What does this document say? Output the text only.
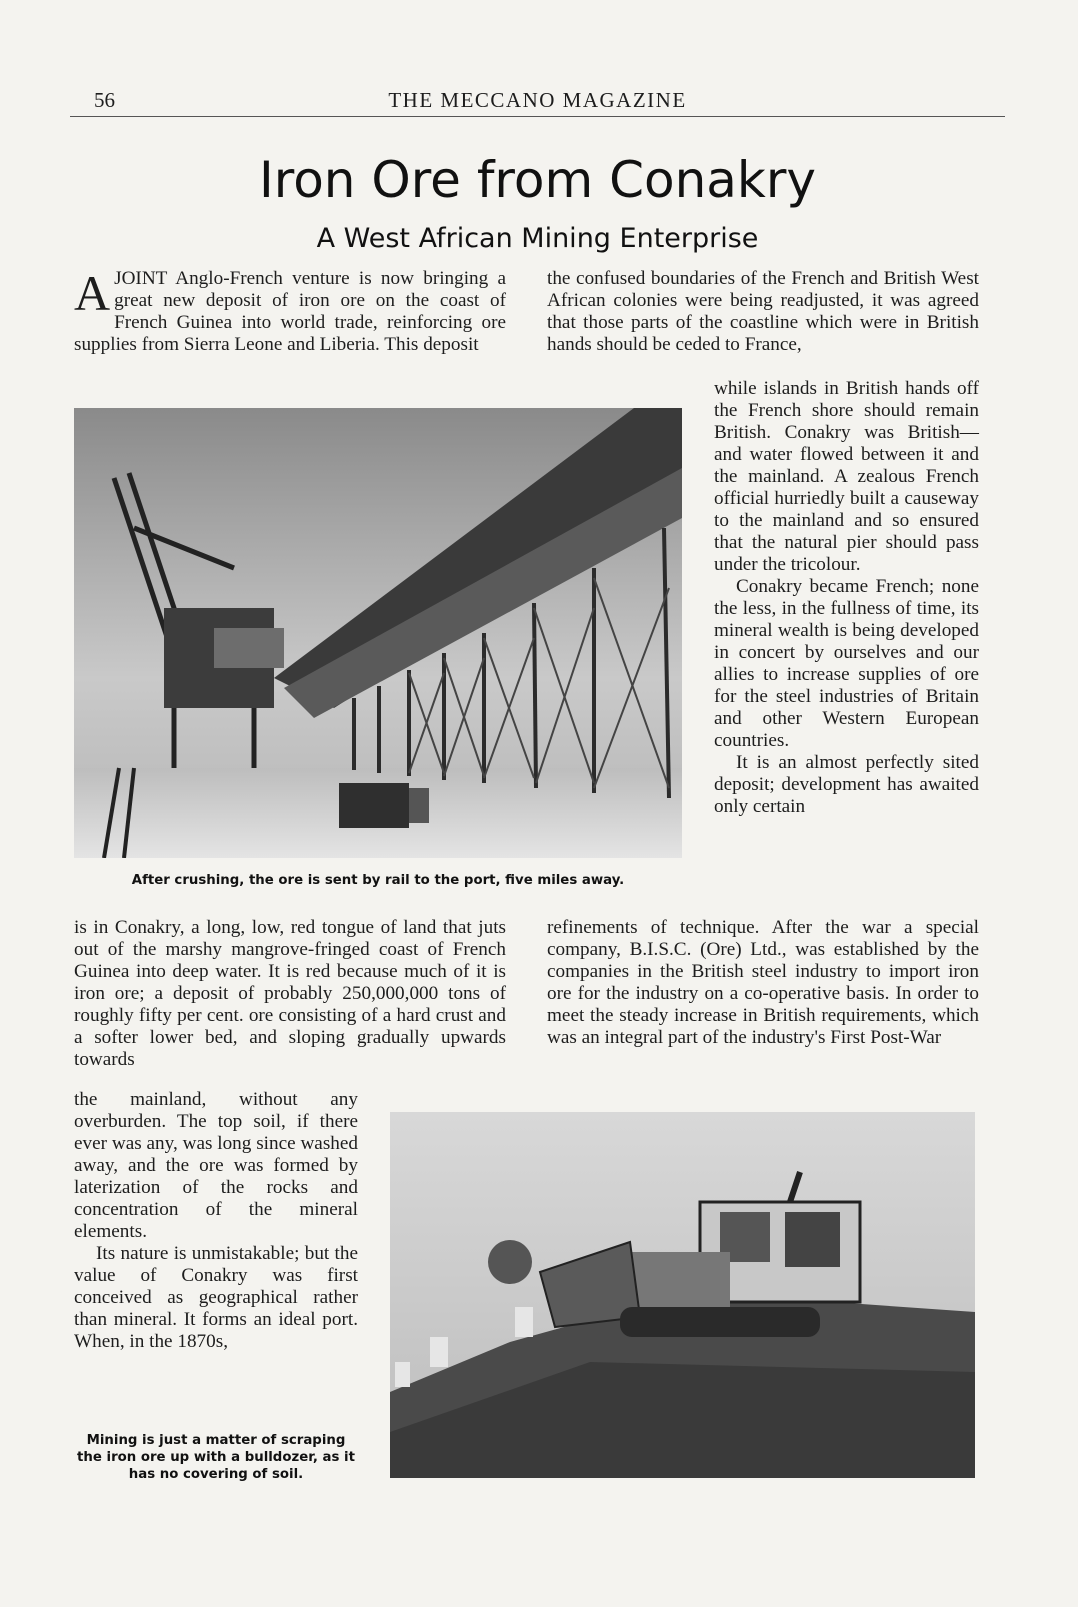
56	THE MECCANO MAGAZINE
Iron Ore from Conakry
A West African Mining Enterprise
A JOINT Anglo-French venture is now bringing a great new deposit of iron ore on the coast of French Guinea into world trade, reinforcing ore supplies from Sierra Leone and Liberia. This deposit
the confused boundaries of the French and British West African colonies were being readjusted, it was agreed that those parts of the coastline which were in British hands should be ceded to France,

while islands in British hands off the French shore should remain British. Conakry was British—and water flowed between it and the mainland. A zealous French official hurriedly built a causeway to the mainland and so ensured that the natural pier should pass under the tricolour.

Conakry became French; none the less, in the fullness of time, its mineral wealth is being developed in concert by ourselves and our allies to increase supplies of ore for the steel industries of Britain and other Western European countries.

It is an almost perfectly sited deposit; development has awaited only certain

After crushing, the ore is sent by rail to the port, five miles away.
refinements of technique. After the war a special company, B.I.S.C. (Ore) Ltd., was established by the companies in the British steel industry to import iron ore for the industry on a co-operative basis. In order to meet the steady increase in British requirements, which was an integral part of the industry's First Post-War
is in Conakry, a long, low, red tongue of land that juts out of the marshy mangrove-fringed coast of French Guinea into deep water. It is red because much of it is iron ore; a deposit of probably 250,000,000 tons of roughly fifty per cent. ore consisting of a hard crust and a softer lower bed, and sloping gradually upwards towards

the mainland, without any overburden. The top soil, if there ever was any, was long since washed away, and the ore was formed by laterization of the rocks and concentration of the mineral elements.

Its nature is unmistakable; but the value of Conakry was first conceived as geographical rather than mineral. It forms an ideal port. When, in the 1870s,

Mining is just a matter of scraping the iron ore up with a bulldozer, as it has no covering of soil.
